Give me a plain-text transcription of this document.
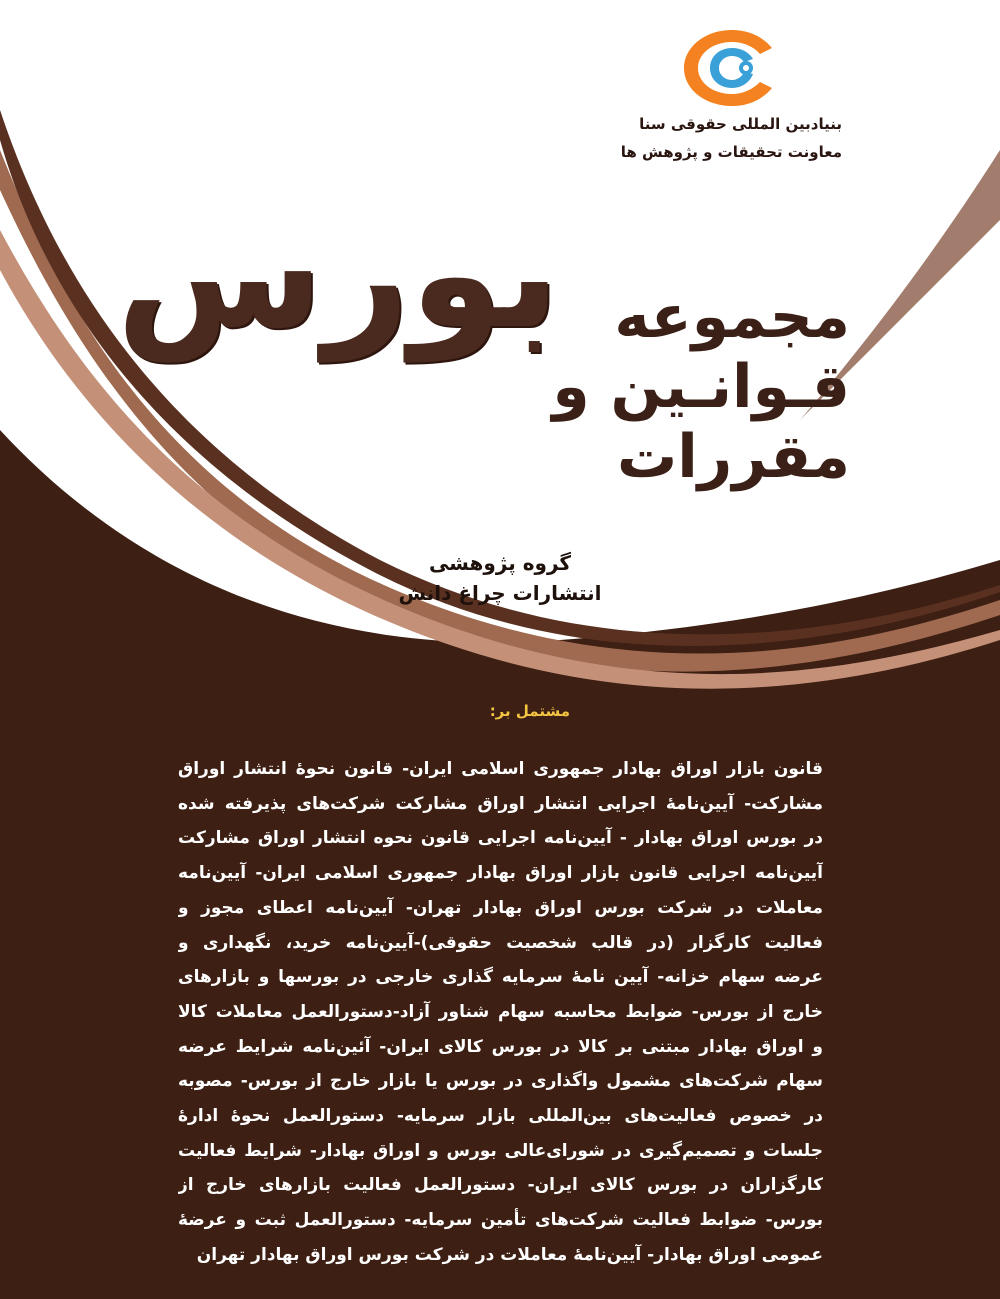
بنیادبین المللی حقوقی سنا
معاونت تحقیقات و پژوهش ها
بورس مجموعه
قـوانـین و مقررات
گروه پژوهشی
انتشارات چراغ دانش
مشتمل بر:
قانون بازار اوراق بهادار جمهوری اسلامی ایران- قانون نحوهٔ انتشار اوراق
مشارکت- آیین‌نامهٔ اجرایی انتشار اوراق مشارکت شرکت‌های پذیرفته شده
در بورس اوراق بهادار - آیین‌نامه اجرایی قانون نحوه انتشار اوراق مشارکت
آیین‌نامه اجرایی قانون بازار اوراق بهادار جمهوری اسلامی ایران- آیین‌نامه
معاملات در شرکت بورس اوراق بهادار تهران- آیین‌نامه اعطای مجوز و
فعالیت کارگزار (در قالب شخصیت حقوقی)-آیین‌نامه خرید، نگهداری و
عرضه سهام خزانه- آیین نامهٔ سرمایه گذاری خارجی در بورسها و بازارهای
خارج از بورس- ضوابط محاسبه سهام شناور آزاد-دستورالعمل معاملات کالا
و اوراق بهادار مبتنی بر کالا در بورس کالای ایران- آئین‌نامه شرایط عرضه
سهام شرکت‌های مشمول واگذاری در بورس یا بازار خارج از بورس- مصوبه
در خصوص فعالیت‌های بین‌المللی بازار سرمایه- دستورالعمل نحوهٔ ادارهٔ
جلسات و تصمیم‌گیری در شورای‌عالی بورس و اوراق بهادار- شرایط فعالیت
کارگزاران در بورس کالای ایران- دستورالعمل فعالیت بازارهای خارج از
بورس- ضوابط فعالیت شرکت‌های تأمین سرمایه- دستورالعمل ثبت و عرضهٔ
عمومی اوراق بهادار- آیین‌نامهٔ معاملات در شرکت بورس اوراق بهادار تهران
